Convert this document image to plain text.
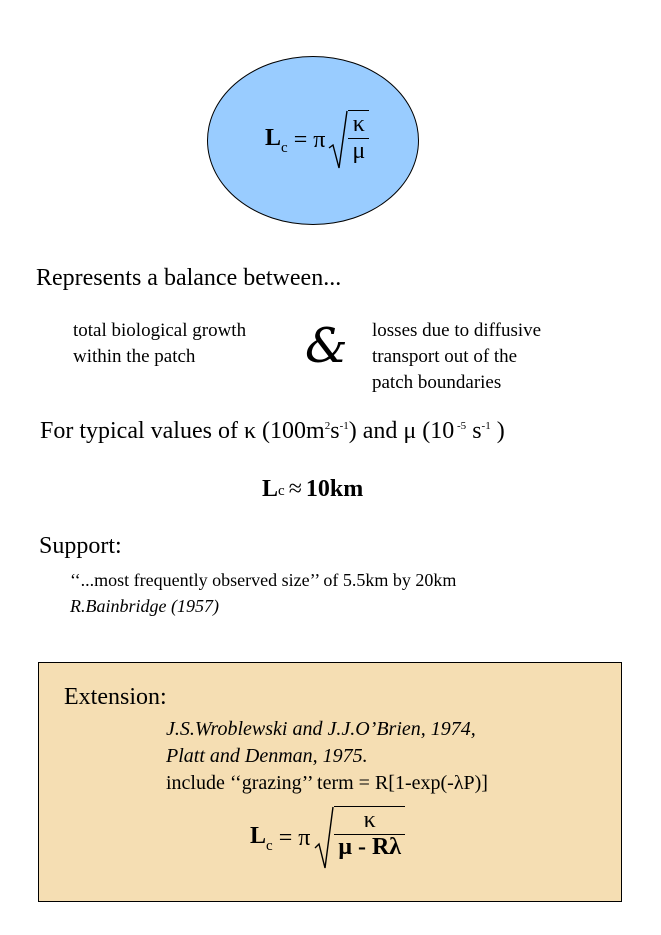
$L_c = \pi \frac{\kappa}{\mu}$
Represents a balance between...
total biological growth
within the patch	& losses due to diffusive
transport out of the
patch boundaries
For typical values of κ $(100m^2s^{-1})$ and μ (10 $^{-5}$ $s^{-1}$ )
$L_c \approx 10km$
Support:
‘‘...most frequently observed size’’ of 5.5km by 20km
R.Bainbridge (1957)
Extension:
J.S.Wroblewski and J.J.O’Brien, 1974,
Platt and Denman, 1975.
include ‘‘grazing’’ term = R[1-exp(-λP)]
$L_c = \pi \frac{\kappa}{\mu - R\lambda}$
